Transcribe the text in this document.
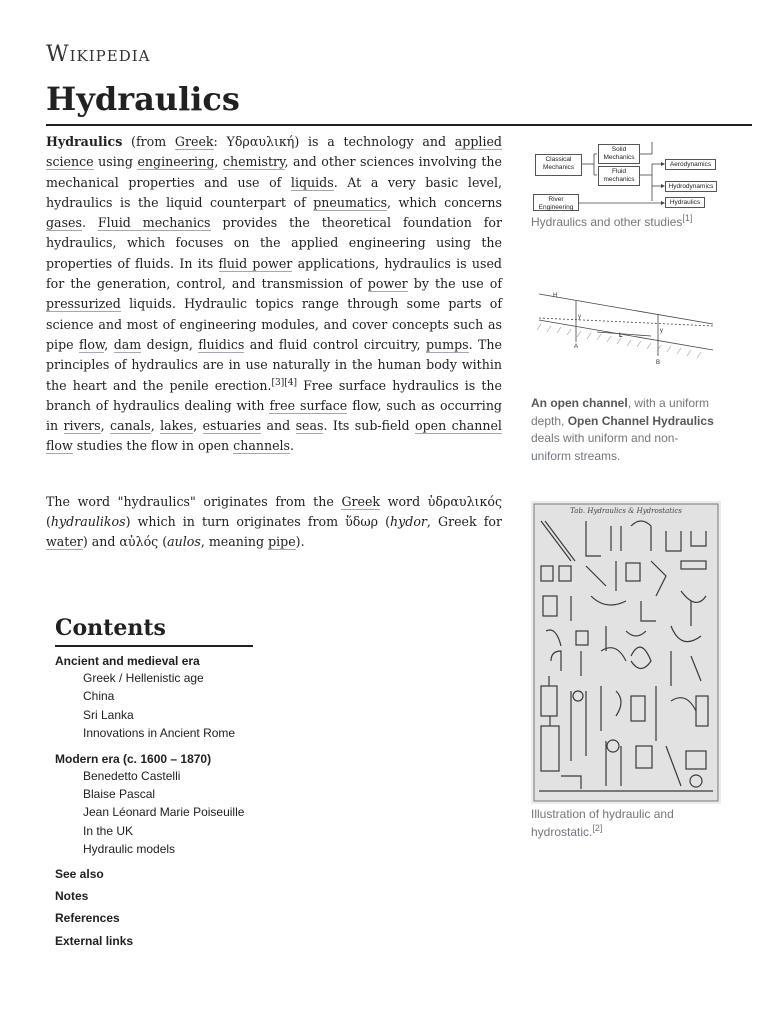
Wikipedia
Hydraulics

Hydraulics (from Greek: Υδραυλική) is a technology and applied science using engineering, chemistry, and other sciences involving the mechanical properties and use of liquids. At a very basic level, hydraulics is the liquid counterpart of pneumatics, which concerns gases. Fluid mechanics provides the theoretical foundation for hydraulics, which focuses on the applied engineering using the properties of fluids. In its fluid power applications, hydraulics is used for the generation, control, and transmission of power by the use of pressurized liquids. Hydraulic topics range through some parts of science and most of engineering modules, and cover concepts such as pipe flow, dam design, fluidics and fluid control circuitry, pumps. The principles of hydraulics are in use naturally in the human body within the heart and the penile erection.[3][4] Free surface hydraulics is the branch of hydraulics dealing with free surface flow, such as occurring in rivers, canals, lakes, estuaries and seas. Its sub-field open channel flow studies the flow in open channels.

The word "hydraulics" originates from the Greek word ὑδραυλικός (hydraulikos) which in turn originates from ὕδωρ (hydor, Greek for water) and αὐλός (aulos, meaning pipe).

Contents
Ancient and medieval era
Greek / Hellenistic age
China
Sri Lanka
Innovations in Ancient Rome
Modern era (c. 1600 – 1870)
Benedetto Castelli
Blaise Pascal
Jean Léonard Marie Poiseuille
In the UK
Hydraulic models
See also
Notes
References
External links
Classical Mechanics
Solid Mechanics
Fluid mechanics
River Engineering
Aerodynamics
Hydrodynamics
Hydraulics
Hydraulics and other studies[1]
y
y
A
B
L
H
An open channel, with a uniform depth, Open Channel Hydraulics deals with uniform and non-uniform streams.
Tab. Hydraulics & Hydrostatics
Illustration of hydraulic and hydrostatic.[2]
